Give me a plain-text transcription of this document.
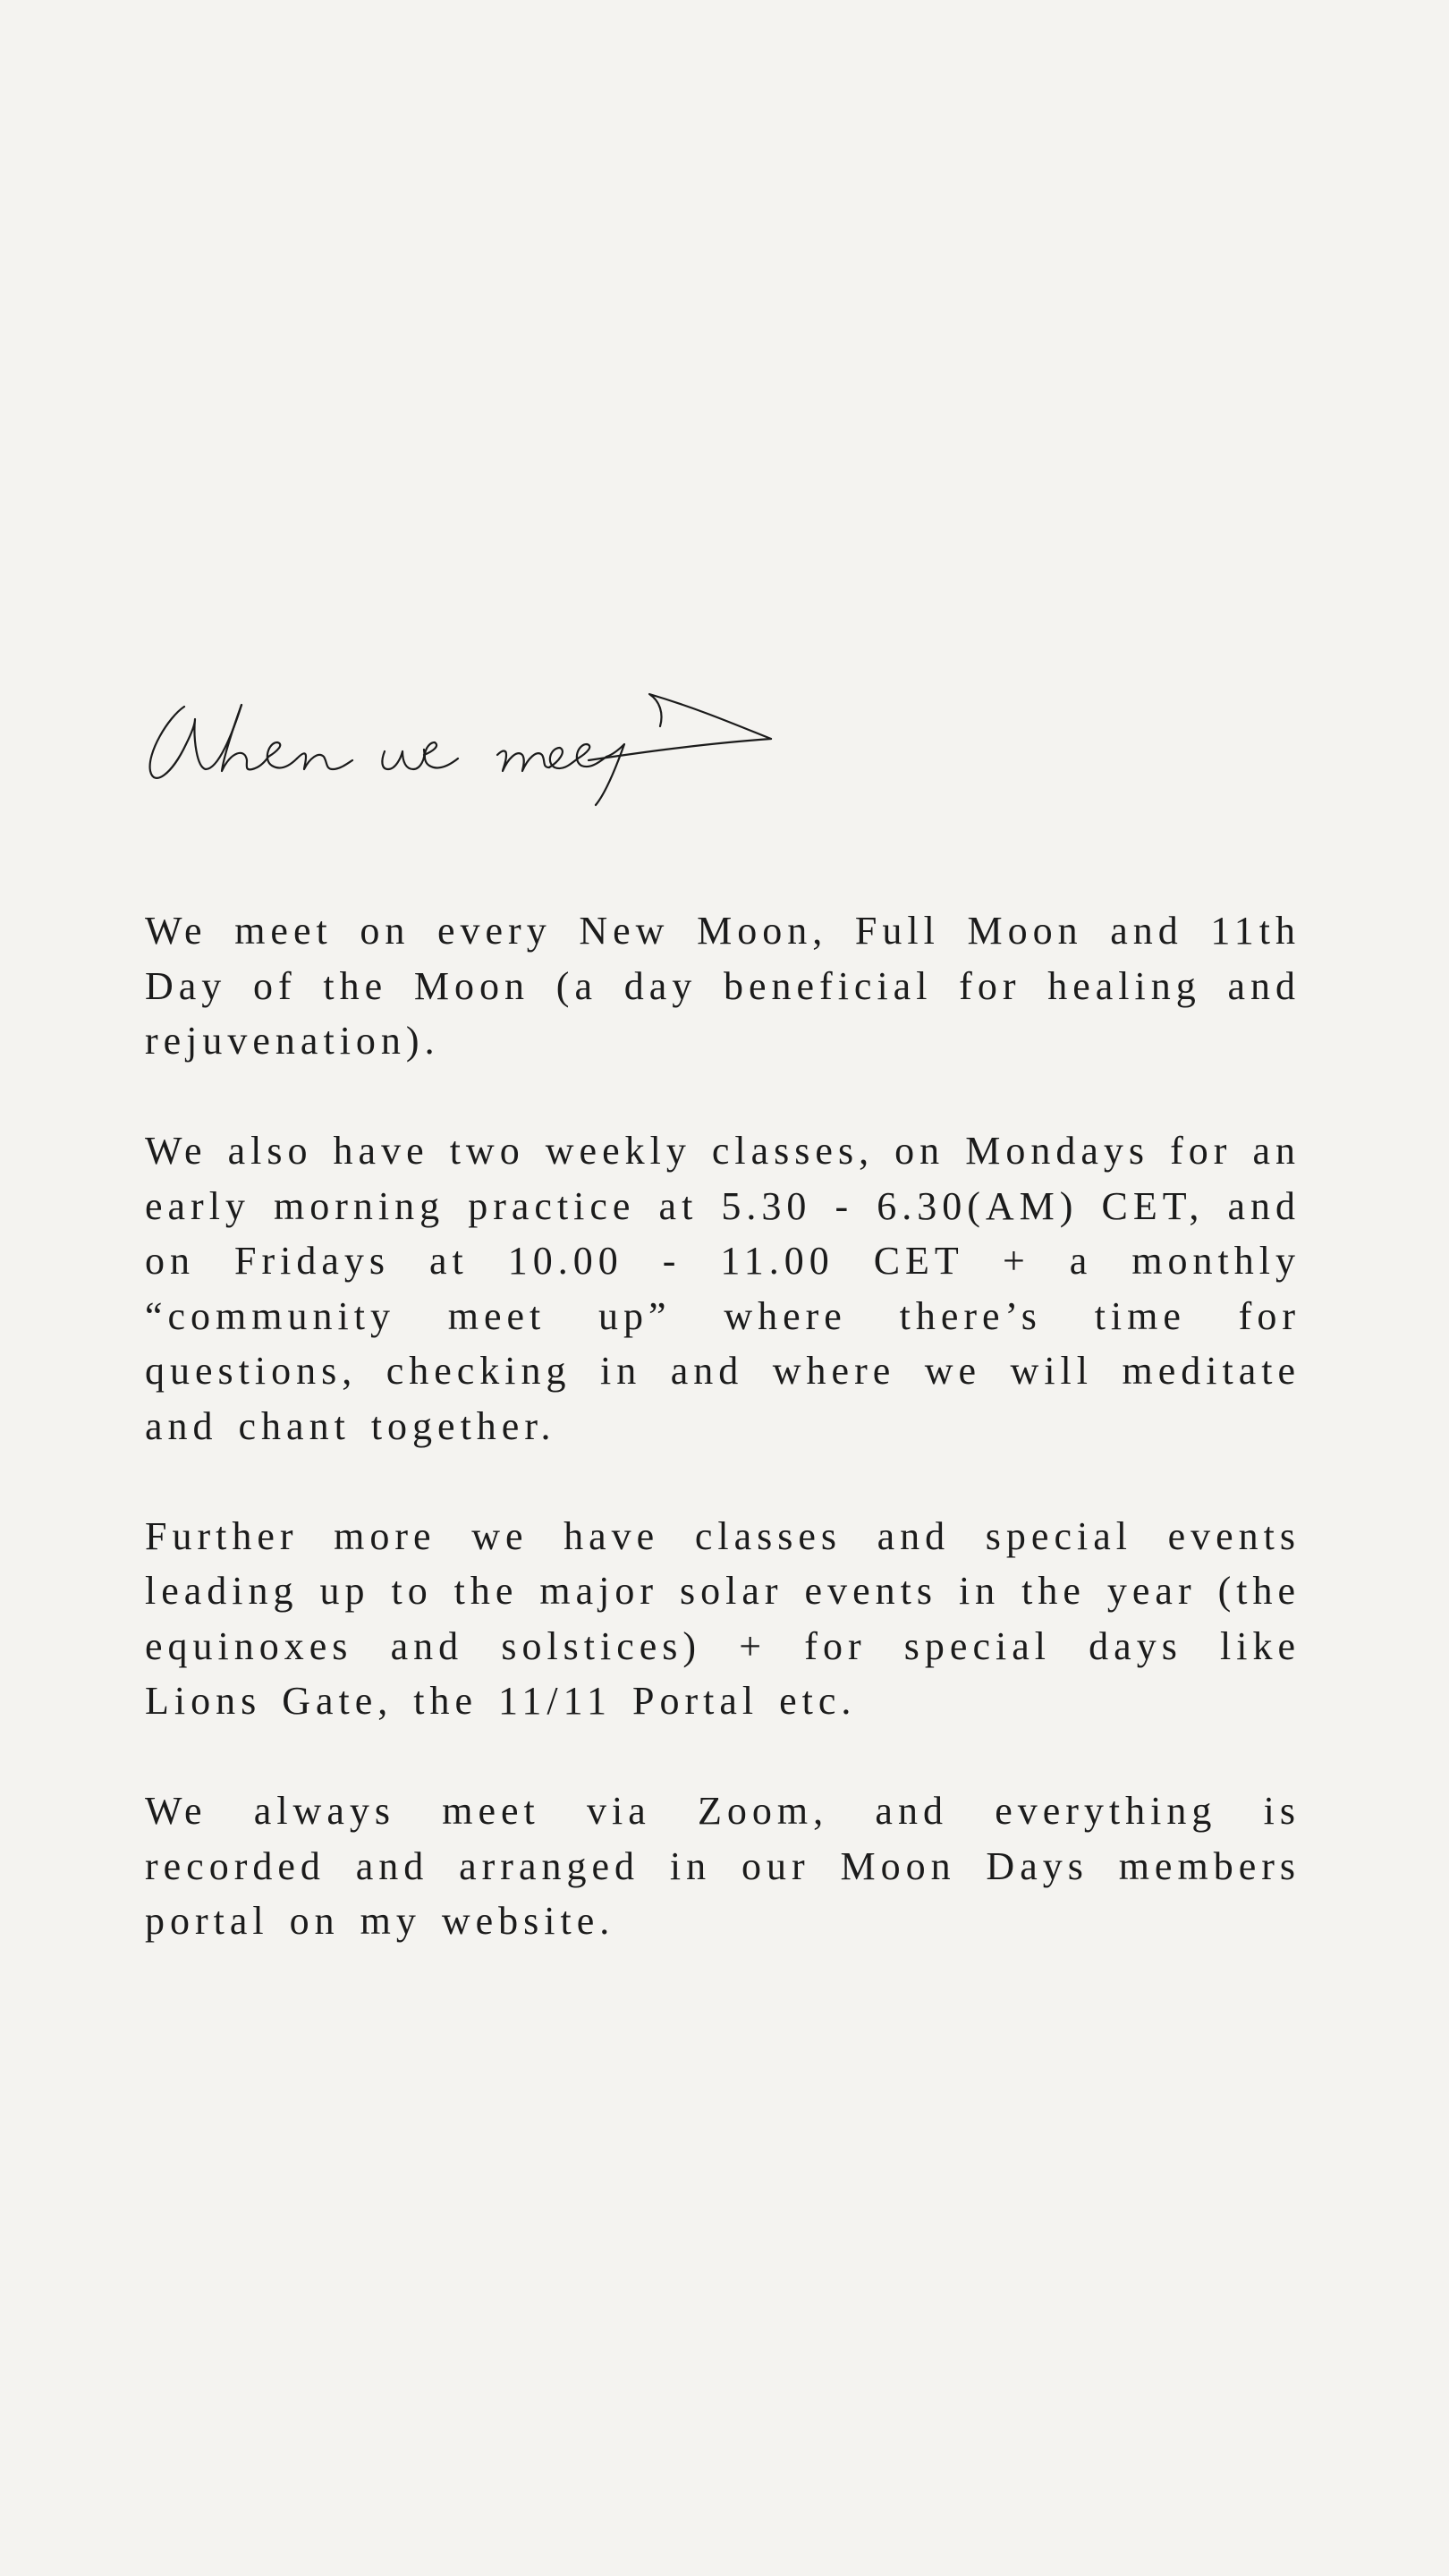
We meet on every New Moon, Full Moon and 11th Day of the Moon (a day beneficial for healing and rejuvenation).

We also have two weekly classes, on Mondays for an early morning practice at 5.30 - 6.30(AM) CET, and on Fridays at 10.00 - 11.00 CET + a monthly “community meet up” where there’s time for questions, checking in and where we will meditate and chant together.

Further more we have classes and special events leading up to the major solar events in the year (the equinoxes and solstices) + for special days like Lions Gate, the 11/11 Portal etc.

We always meet via Zoom, and everything is recorded and arranged in our Moon Days members portal on my website.
